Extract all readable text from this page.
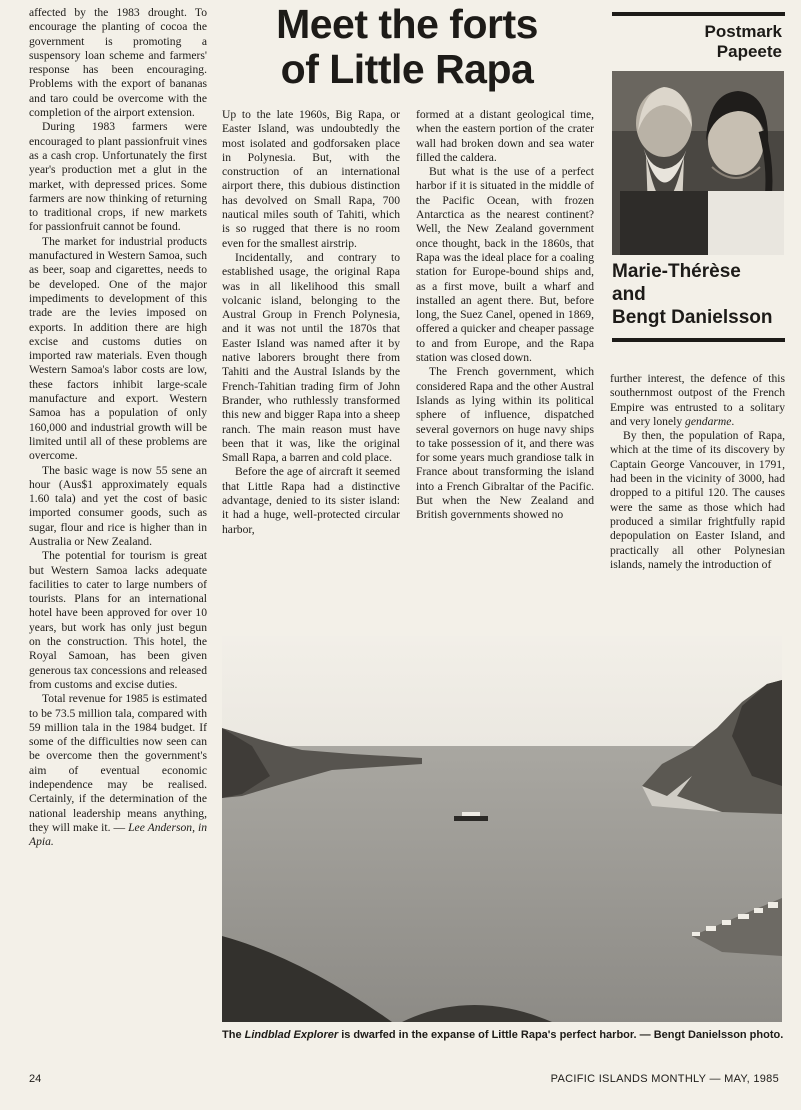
affected by the 1983 drought. To encourage the planting of cocoa the government is promoting a suspensory loan scheme and farmers' response has been encouraging. Problems with the export of bananas and taro could be overcome with the completion of the airport extension.

During 1983 farmers were encouraged to plant passionfruit vines as a cash crop. Unfortunately the first year's production met a glut in the market, with depressed prices. Some farmers are now thinking of returning to traditional crops, if new markets for passionfruit cannot be found.

The market for industrial products manufactured in Western Samoa, such as beer, soap and cigarettes, needs to be developed. One of the major impediments to development of this trade are the levies imposed on exports. In addition there are high excise and customs duties on imported raw materials. Even though Western Samoa's labor costs are low, these factors inhibit large-scale manufacture and export. Western Samoa has a population of only 160,000 and industrial growth will be limited until all of these problems are overcome.

The basic wage is now 55 sene an hour (Aus$1 approximately equals 1.60 tala) and yet the cost of basic imported consumer goods, such as sugar, flour and rice is higher than in Australia or New Zealand.

The potential for tourism is great but Western Samoa lacks adequate facilities to cater to large numbers of tourists. Plans for an international hotel have been approved for over 10 years, but work has only just begun on the construction. This hotel, the Royal Samoan, has been given generous tax concessions and released from customs and excise duties.

Total revenue for 1985 is estimated to be 73.5 million tala, compared with 59 million tala in the 1984 budget. If some of the difficulties now seen can be overcome then the government's aim of eventual economic independence may be realised. Certainly, if the determination of the national leadership means anything, they will make it. — Lee Anderson, in Apia.

Meet the forts
of Little Rapa

Up to the late 1960s, Big Rapa, or Easter Island, was undoubtedly the most isolated and godforsaken place in Polynesia. But, with the construction of an international airport there, this dubious distinction has devolved on Small Rapa, 700 nautical miles south of Tahiti, which is so rugged that there is no room even for the smallest airstrip.

Incidentally, and contrary to established usage, the original Rapa was in all likelihood this small volcanic island, belonging to the Austral Group in French Polynesia, and it was not until the 1870s that Easter Island was named after it by native laborers brought there from Tahiti and the Austral Islands by the French-Tahitian trading firm of John Brander, who ruthlessly transformed this new and bigger Rapa into a sheep ranch. The main reason must have been that it was, like the original Small Rapa, a barren and cold place.

Before the age of aircraft it seemed that Little Rapa had a distinctive advantage, denied to its sister island: it had a huge, well-protected circular harbor,

formed at a distant geological time, when the eastern portion of the crater wall had broken down and sea water filled the caldera.

But what is the use of a perfect harbor if it is situated in the middle of the Pacific Ocean, with frozen Antarctica as the nearest continent? Well, the New Zealand government once thought, back in the 1860s, that Rapa was the ideal place for a coaling station for Europe-bound ships and, as a first move, built a wharf and installed an agent there. But, before long, the Suez Canel, opened in 1869, offered a quicker and cheaper passage to and from Europe, and the Rapa station was closed down.

The French government, which considered Rapa and the other Austral Islands as lying within its political sphere of influence, dispatched several governors on huge navy ships to take possession of it, and there was for some years much grandiose talk in France about transforming the island into a French Gibraltar of the Pacific. But when the New Zealand and British governments showed no

Postmark
Papeete
Marie-Thérèse
and
Bengt Danielsson

further interest, the defence of this southernmost outpost of the French Empire was entrusted to a solitary and very lonely gendarme.

By then, the population of Rapa, which at the time of its discovery by Captain George Vancouver, in 1791, had been in the vicinity of 3000, had dropped to a pitiful 120. The causes were the same as those which had produced a similar frightfully rapid depopulation on Easter Island, and practically all other Polynesian islands, namely the introduction of

The Lindblad Explorer is dwarfed in the expanse of Little Rapa's perfect harbor. — Bengt Danielsson photo.
24	PACIFIC ISLANDS MONTHLY — MAY, 1985
